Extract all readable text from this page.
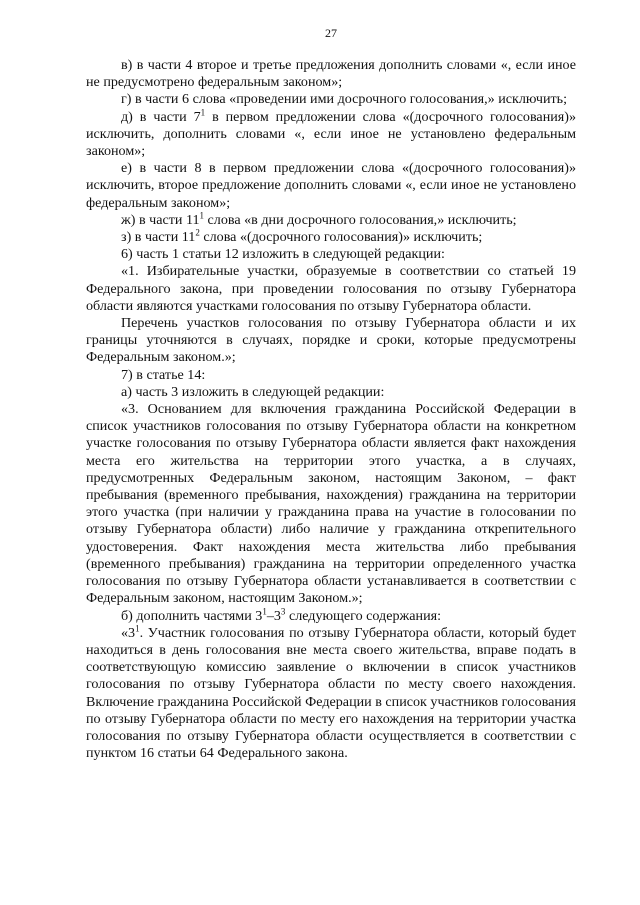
27

в) в части 4 второе и третье предложения дополнить словами «, если иное не предусмотрено федеральным законом»;

г) в части 6 слова «проведении ими досрочного голосования,» исключить;

д) в части $7^1$ в первом предложении слова «(досрочного голосования)» исключить, дополнить словами «, если иное не установлено федеральным законом»;

е) в части 8 в первом предложении слова «(досрочного голосования)» исключить, второе предложение дополнить словами «, если иное не установлено федеральным законом»;

ж) в части $11^1$ слова «в дни досрочного голосования,» исключить;

з) в части $11^2$ слова «(досрочного голосования)» исключить;

6) часть 1 статьи 12 изложить в следующей редакции:

«1. Избирательные участки, образуемые в соответствии со статьей 19 Федерального закона, при проведении голосования по отзыву Губернатора области являются участками голосования по отзыву Губернатора области.

Перечень участков голосования по отзыву Губернатора области и их границы уточняются в случаях, порядке и сроки, которые предусмотрены Федеральным законом.»;

7) в статье 14:

а) часть 3 изложить в следующей редакции:

«3. Основанием для включения гражданина Российской Федерации в список участников голосования по отзыву Губернатора области на конкретном участке голосования по отзыву Губернатора области является факт нахождения места его жительства на территории этого участка, а в случаях, предусмотренных Федеральным законом, настоящим Законом, – факт пребывания (временного пребывания, нахождения) гражданина на территории этого участка (при наличии у гражданина права на участие в голосовании по отзыву Губернатора области) либо наличие у гражданина открепительного удостоверения. Факт нахождения места жительства либо пребывания (временного пребывания) гражданина на территории определенного участка голосования по отзыву Губернатора области устанавливается в соответствии с Федеральным законом, настоящим Законом.»;

б) дополнить частями $3^1-3^3$ следующего содержания:

«$3^1$. Участник голосования по отзыву Губернатора области, который будет находиться в день голосования вне места своего жительства, вправе подать в соответствующую комиссию заявление о включении в список участников голосования по отзыву Губернатора области по месту своего нахождения. Включение гражданина Российской Федерации в список участников голосования по отзыву Губернатора области по месту его нахождения на территории участка голосования по отзыву Губернатора области осуществляется в соответствии с пунктом 16 статьи 64 Федерального закона.
